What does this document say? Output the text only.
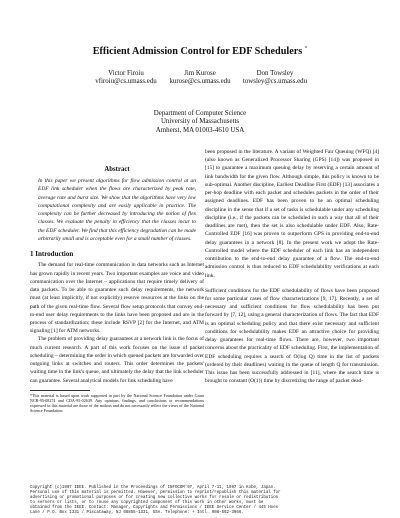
Efficient Admission Control for EDF Schedulers *
Victor Firoiu
vfiroiu@cs.umass.edu
Jim Kurose
kurose@cs.umass.edu
Don Towsley
towsley@cs.umass.edu
Department of Computer Science
University of Massachusetts
Amherst, MA 01003-4610 USA
Abstract

In this paper we present algorithms for flow admission control at an EDF link scheduler when the flows are characterized by peak rate, average rate and burst size. We show that the algorithms have very low computational complexity and are easily applicable in practice. The complexity can be further decreased by introducing the notion of flex classes. We evaluate the penalty in efficiency that the classes incur to the EDF scheduler. We find that this efficiency degradation can be made arbitrarily small and is acceptable even for a small number of classes.

1 Introduction

The demand for real-time communication in data networks such as Internet has grown rapidly in recent years. Two important examples are voice and video communication over the Internet – applications that require timely delivery of data packets. To be able to guarantee such delay requirements, the network must (at least implicitly, if not explicitly) reserve resources at the links on the path of the given real-time flow. Several flow setup protocols that convey end-to-end user delay requirements to the links have been proposed and are in the process of standardization; these include RSVP [2] for the Internet, and ATM signaling [1] for ATM networks.

The problem of providing delay guarantees at a network link is the focus of much current research. A part of this work focuses on the issue of packet scheduling – determining the order in which queued packets are forwarded over outgoing links at switches and routers. This order determines the packets' waiting time in the link's queue, and ultimately the delay that the link scheduler can guarantee. Several analytical models for link scheduling have

*This material is based upon work supported in part by the National Science Foundation under Grant NCR-95-08274 and CDA-95-02639. Any opinions, findings, and conclusions or recommendations expressed in this material are those of the authors and do not necessarily reflect the views of the National Science Foundation.

been proposed in the literature. A variant of Weighted Fair Queuing (WFQ) [4] (also known as Generalized Processor Sharing (GPS) [14]) was proposed in [15] to guarantee a maximum queuing delay by reserving a certain amount of link bandwidth for the given flow. Although simple, this policy is known to be sub-optimal. Another discipline, Earliest Deadline First (EDF) [13] associates a per-hop deadline with each packet and schedules packets in the order of their assigned deadlines. EDF has been proven to be an optimal scheduling discipline in the sense that if a set of tasks is schedulable under any scheduling discipline (i.e., if the packets can be scheduled in such a way that all of their deadlines are met), then the set is also schedulable under EDF. Also, Rate-Controlled EDF [16] was proven to outperform GPS in providing end-to-end delay guarantees in a network [8]. In the present work we adopt the Rate-Controlled model where the EDF scheduler of each link has an independent contribution to the end-to-end delay guarantee of a flow. The end-to-end admission control is thus reduced to EDF schedulability verifications at each link.

Sufficient conditions for the EDF schedulability of flows have been proposed for some particular cases of flow characterizations [9, 17]. Recently, a set of necessary and sufficient conditions for flow schedulability has been put forward by [7, 12], using a general characterization of flows. The fact that EDF is an optimal scheduling policy and that there exist necessary and sufficient conditions for schedulability makes EDF an attractive choice for providing delay guarantees for real-time flows. There are, however, two important concerns about the practicality of EDF scheduling. First, the implementation of EDF scheduling requires a search of O(log Q) time in the list of packets (ordered by their deadlines) waiting in the queue of length Q for transmission. This issue has been successfully addressed in [11], where the search time is brought to constant (O(1)) time by discretizing the range of packet dead-

Copyright (c)1997 IEEE. Published in the Proceedings of INFOCOM'97, April 7-11, 1997 in Kobe, Japan.
Personal use of this material is permitted. However, permission to reprint/republish this material for
advertising or promotional purposes or for creating new collective works for resale or redistribution
to servers or lists, or to reuse any copyrighted component of this work in other works, must be
obtained from the IEEE. Contact: Manager, Copyrights and Permissions / IEEE Service Center / 445 Hoes
Lane / P.O. Box 1331 / Piscataway, NJ 08855-1331, USA. Telephone: + Intl. 908-562-3966.
